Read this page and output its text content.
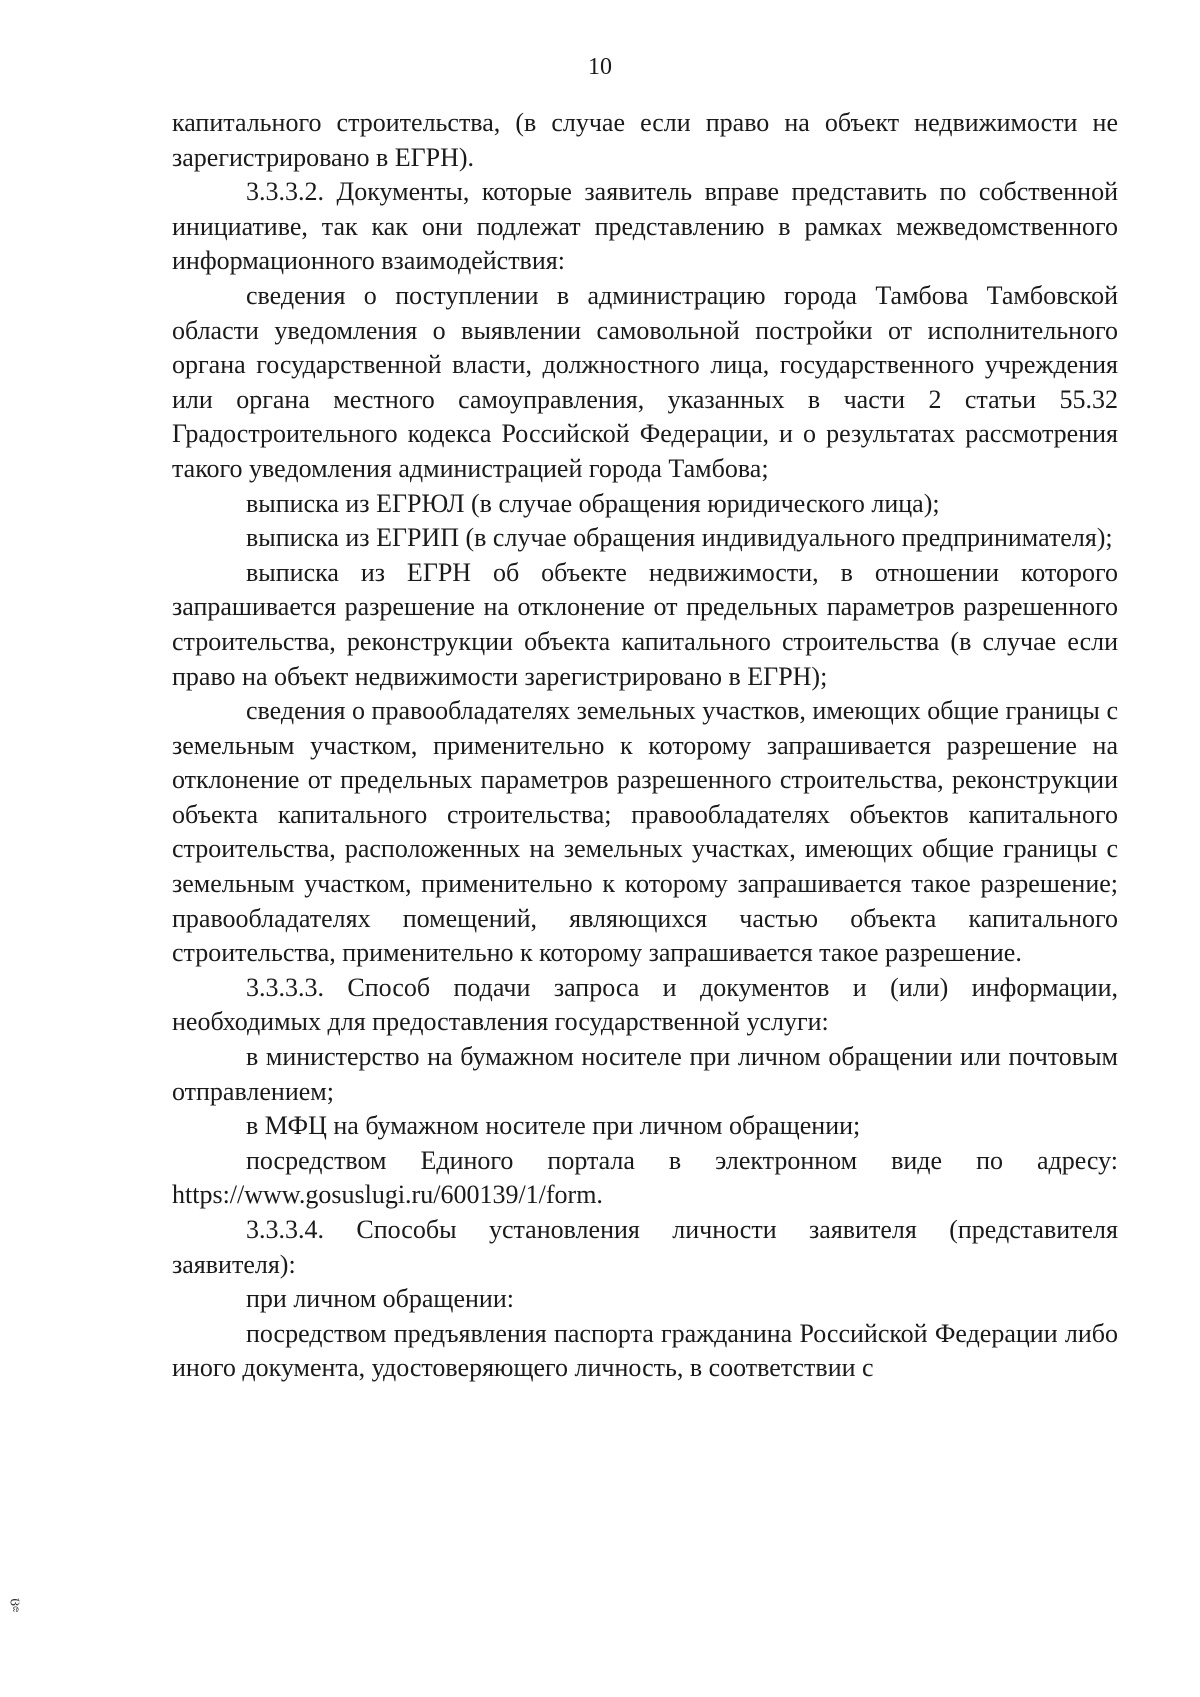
10

капитального строительства, (в случае если право на объект недвижимости не зарегистрировано в ЕГРН).

3.3.3.2. Документы, которые заявитель вправе представить по собственной инициативе, так как они подлежат представлению в рамках межведомственного информационного взаимодействия:

сведения о поступлении в администрацию города Тамбова Тамбовской области уведомления о выявлении самовольной постройки от исполнительного органа государственной власти, должностного лица, государственного учреждения или органа местного самоуправления, указанных в части 2 статьи 55.32 Градостроительного кодекса Российской Федерации, и о результатах рассмотрения такого уведомления администрацией города Тамбова;

выписка из ЕГРЮЛ (в случае обращения юридического лица);

выписка из ЕГРИП (в случае обращения индивидуального предпринимателя);

выписка из ЕГРН об объекте недвижимости, в отношении которого запрашивается разрешение на отклонение от предельных параметров разрешенного строительства, реконструкции объекта капитального строительства (в случае если право на объект недвижимости зарегистрировано в ЕГРН);

сведения о правообладателях земельных участков, имеющих общие границы с земельным участком, применительно к которому запрашивается разрешение на отклонение от предельных параметров разрешенного строительства, реконструкции объекта капитального строительства; правообладателях объектов капитального строительства, расположенных на земельных участках, имеющих общие границы с земельным участком, применительно к которому запрашивается такое разрешение; правообладателях помещений, являющихся частью объекта капитального строительства, применительно к которому запрашивается такое разрешение.

3.3.3.3. Способ подачи запроса и документов и (или) информации, необходимых для предоставления государственной услуги:

в министерство на бумажном носителе при личном обращении или почтовым отправлением;

в МФЦ на бумажном носителе при личном обращении;

посредством Единого портала в электронном виде по адресу: https://www.gosuslugi.ru/600139/1/form.

3.3.3.4. Способы установления личности заявителя (представителя заявителя):

при личном обращении:

посредством предъявления паспорта гражданина Российской Федерации либо иного документа, удостоверяющего личность, в соответствии с

ცၕ
